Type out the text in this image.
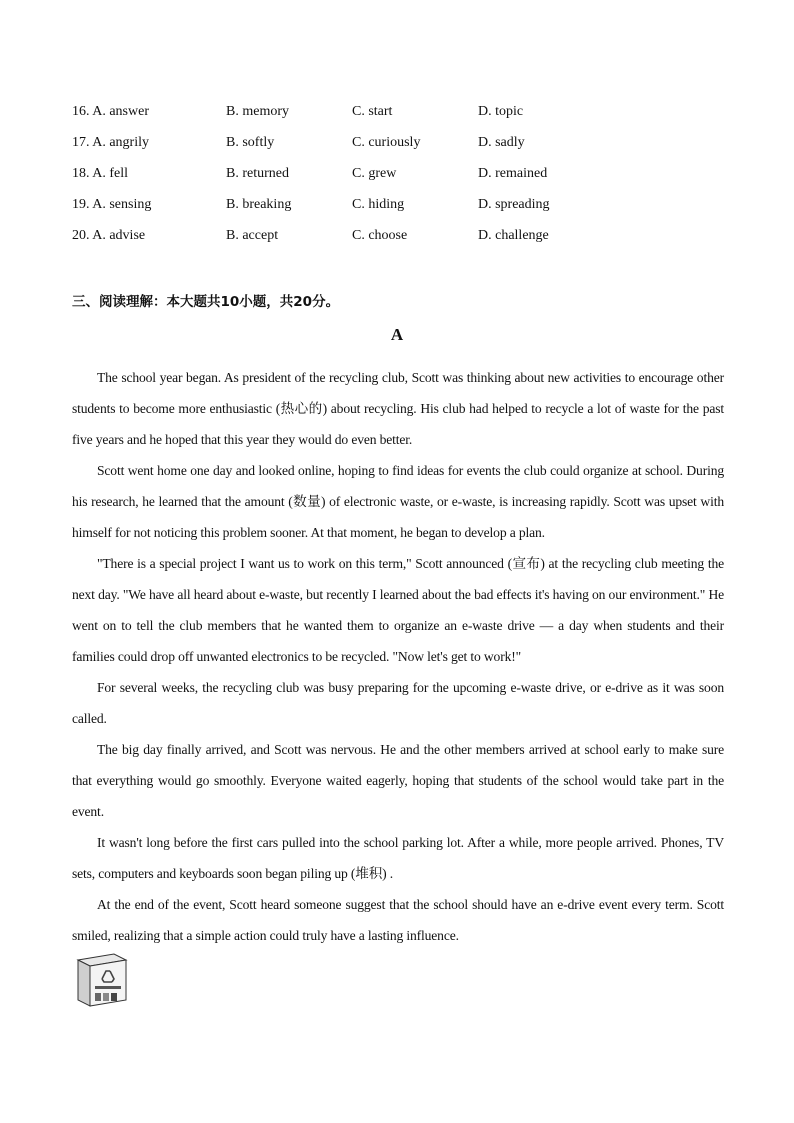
16. A. answer	B. memory	C. start	D. topic
17. A. angrily	B. softly	C. curiously	D. sadly
18. A. fell	B. returned	C. grew	D. remained
19. A. sensing	B. breaking	C. hiding	D. spreading
20. A. advise	B. accept	C. choose	D. challenge
三、阅读理解：本大题共10小题，共20分。
A

The school year began. As president of the recycling club, Scott was thinking about new activities to encourage other students to become more enthusiastic (热心的) about recycling. His club had helped to recycle a lot of waste for the past five years and he hoped that this year they would do even better.

Scott went home one day and looked online, hoping to find ideas for events the club could organize at school. During his research, he learned that the amount (数量) of electronic waste, or e-waste, is increasing rapidly. Scott was upset with himself for not noticing this problem sooner. At that moment, he began to develop a plan.

"There is a special project I want us to work on this term," Scott announced (宣布) at the recycling club meeting the next day. "We have all heard about e-waste, but recently I learned about the bad effects it's having on our environment." He went on to tell the club members that he wanted them to organize an e-waste drive — a day when students and their families could drop off unwanted electronics to be recycled. "Now let's get to work!"

For several weeks, the recycling club was busy preparing for the upcoming e-waste drive, or e-drive as it was soon called.

The big day finally arrived, and Scott was nervous. He and the other members arrived at school early to make sure that everything would go smoothly. Everyone waited eagerly, hoping that students of the school would take part in the event.

It wasn't long before the first cars pulled into the school parking lot. After a while, more people arrived. Phones, TV sets, computers and keyboards soon began piling up (堆积) .

At the end of the event, Scott heard someone suggest that the school should have an e-drive event every term. Scott smiled, realizing that a simple action could truly have a lasting influence.
